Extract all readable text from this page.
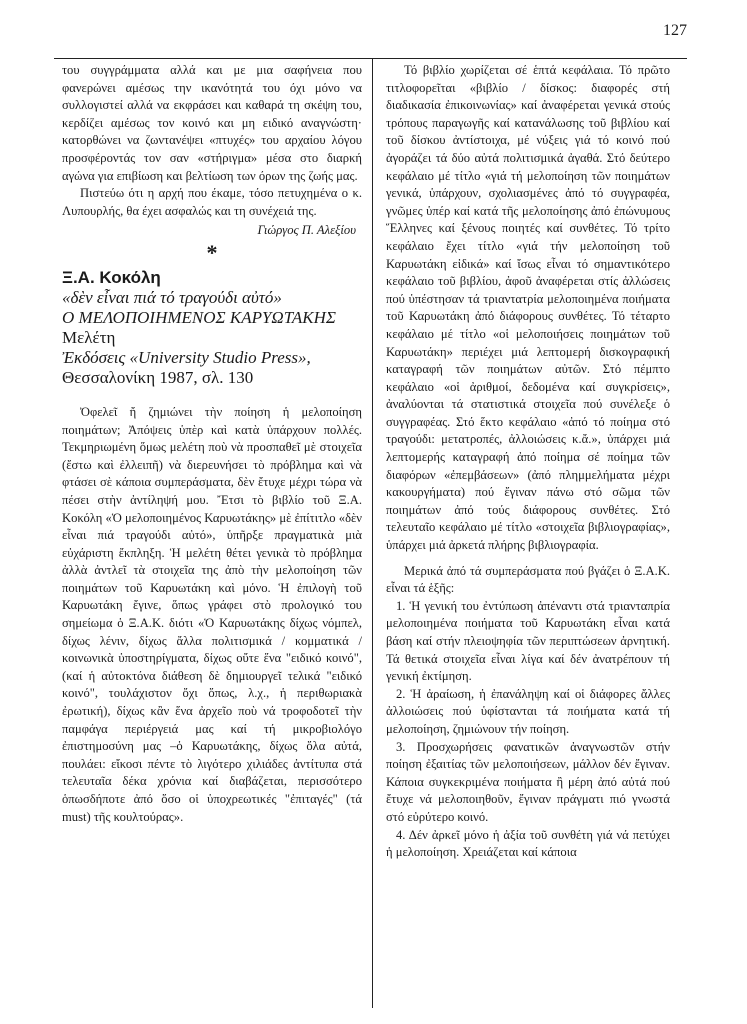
127

του συγγράμματα αλλά και με μια σαφήνεια που φανερώνει αμέσως την ικανότητά του όχι μόνο να συλλογιστεί αλλά να εκφράσει και καθαρά τη σκέψη του, κερδίζει αμέσως τον κοινό και μη ειδικό αναγνώστη· κατορθώνει να ζωντανέψει «πτυχές» του αρχαίου λόγου προσφέροντάς τον σαν «στήριγμα» μέσα στο διαρκή αγώνα για επιβίωση και βελτίωση των όρων της ζωής μας.

Πιστεύω ότι η αρχή που έκαμε, τόσο πετυχημένα ο κ. Λυπουρλής, θα έχει ασφαλώς και τη συνέχειά της.

Γιώργος Π. Αλεξίου
*
Ξ.Α. Κοκόλη
«δὲν εἶναι πιά τό τραγούδι αὐτό»
Ο ΜΕΛΟΠΟΙΗΜΕΝΟΣ ΚΑΡΥΩΤΑΚΗΣ
Μελέτη
Ἐκδόσεις «University Studio Press»,
Θεσσαλονίκη 1987, σλ. 130

Ὀφελεῖ ἤ ζημιώνει τὴν ποίηση ἡ μελοποίηση ποιημάτων; Ἀπόψεις ὑπὲρ καὶ κατὰ ὑπάρχουν πολλές. Τεκμηριωμένη ὅμως μελέτη ποὺ νὰ προσπαθεῖ μὲ στοιχεῖα (ἔστω καὶ ἐλλειπῆ) νὰ διερευνήσει τὸ πρόβλημα καὶ νὰ φτάσει σὲ κάποια συμπεράσματα, δὲν ἔτυχε μέχρι τώρα νὰ πέσει στὴν ἀντίληψή μου. Ἔτσι τὸ βιβλίο τοῦ Ξ.Α. Κοκόλη «Ὁ μελοποιημένος Καρυωτάκης» μὲ ἐπίτιτλο «δὲν εἶναι πιά τραγούδι αὐτό», ὑπῆρξε πραγματικὰ μιὰ εὐχάριστη ἔκπληξη. Ἡ μελέτη θέτει γενικὰ τὸ πρόβλημα ἀλλὰ ἀντλεῖ τὰ στοιχεῖα της ἀπὸ τὴν μελοποίηση τῶν ποιημάτων τοῦ Καρυωτάκη καὶ μόνο. Ἡ ἐπιλογὴ τοῦ Καρυωτάκη ἔγινε, ὅπως γράφει στὸ προλογικό του σημείωμα ὁ Ξ.Α.Κ. διότι «Ὁ Καρυωτάκης δίχως νόμπελ, δίχως λένιν, δίχως ἄλλα πολιτισμικά / κομματικά / κοινωνικὰ ὑποστηρίγματα, δίχως οὔτε ἕνα "ειδικό κοινό", (καί ἡ αὐτοκτόνα διάθεση δὲ δημιουργεῖ τελικά "ειδικό κοινό", τουλάχιστον ὄχι ὅπως, λ.χ., ἡ περιθωριακὰ ἐρωτική), δίχως κἂν ἕνα ἀρχεῖο ποὺ νά τροφοδοτεῖ τὴν παμφάγα περιέργειά μας καί τή μικροβιολόγο ἐπιστημοσύνη μας –ὁ Καρυωτάκης, δίχως ὅλα αὐτά, πουλάει: εἴκοσι πέντε τὸ λιγότερο χιλιάδες ἀντίτυπα στά τελευταῖα δέκα χρόνια καί διαβάζεται, περισσότερο ὁπωσδήποτε ἀπό ὅσο οἱ ὑποχρεωτικές "ἐπιταγές" (τά must) τῆς κουλτούρας».

Τό βιβλίο χωρίζεται σέ ἑπτά κεφάλαια. Τό πρῶτο τιτλοφορεῖται «βιβλίο / δίσκος: διαφορές στή διαδικασία ἐπικοινωνίας» καί ἀναφέρεται γενικά στούς τρόπους παραγωγῆς καί κατανάλωσης τοῦ βιβλίου καί τοῦ δίσκου ἀντίστοιχα, μέ νύξεις γιά τό κοινό πού ἀγοράζει τά δύο αὐτά πολιτισμικά ἀγαθά. Στό δεύτερο κεφάλαιο μέ τίτλο «γιά τή μελοποίηση τῶν ποιημάτων γενικά, ὑπάρχουν, σχολιασμένες ἀπό τό συγγραφέα, γνῶμες ὑπέρ καί κατά τῆς μελοποίησης ἀπό ἐπώνυμους Ἕλληνες καί ξένους ποιητές καί συνθέτες. Τό τρίτο κεφάλαιο ἔχει τίτλο «γιά τήν μελοποίηση τοῦ Καρυωτάκη εἰδικά» καί ἴσως εἶναι τό σημαντικότερο κεφάλαιο τοῦ βιβλίου, ἀφοῦ ἀναφέρεται στίς ἀλλώσεις πού ὑπέστησαν τά τριαντατρία μελοποιημένα ποιήματα τοῦ Καρυωτάκη ἀπό διάφορους συνθέτες. Τό τέταρτο κεφάλαιο μέ τίτλο «οἱ μελοποιήσεις ποιημάτων τοῦ Καρυωτάκη» περιέχει μιά λεπτομερή δισκογραφική καταγραφή τῶν ποιημάτων αὐτῶν. Στό πέμπτο κεφάλαιο «οἱ ἀριθμοί, δεδομένα καί συγκρίσεις», ἀναλύονται τά στατιστικά στοιχεῖα πού συνέλεξε ὁ συγγραφέας. Στό ἕκτο κεφάλαιο «ἀπό τό ποίημα στό τραγούδι: μετατροπές, ἀλλοιώσεις κ.ἄ.», ὑπάρχει μιά λεπτομερής καταγραφή ἀπό ποίημα σέ ποίημα τῶν διαφόρων «ἐπεμβάσεων» (ἀπό πλημμελήματα μέχρι κακουργήματα) πού ἔγιναν πάνω στό σῶμα τῶν ποιημάτων ἀπό τούς διάφορους συνθέτες. Στό τελευταῖο κεφάλαιο μέ τίτλο «στοιχεῖα βιβλιογραφίας», ὑπάρχει μιά ἀρκετά πλήρης βιβλιογραφία.

Μερικά ἀπό τά συμπεράσματα πού βγάζει ὁ Ξ.Α.Κ. εἶναι τά ἑξῆς:

1. Ἡ γενική του ἐντύπωση ἀπέναντι στά τριανταπρία μελοποιημένα ποιήματα τοῦ Καρυωτάκη εἶναι κατά βάση καί στήν πλειοψηφία τῶν περιπτώσεων ἀρνητική. Τά θετικά στοιχεῖα εἶναι λίγα καί δέν ἀνατρέπουν τή γενική ἐκτίμηση.

2. Ἡ ἀραίωση, ἡ ἐπανάληψη καί οἱ διάφορες ἄλλες ἀλλοιώσεις πού ὑφίστανται τά ποιήματα κατά τή μελοποίηση, ζημιώνουν τήν ποίηση.

3. Προσχωρήσεις φανατικῶν ἀναγνωστῶν στήν ποίηση ἐξαιτίας τῶν μελοποιήσεων, μάλλον δέν ἔγιναν. Κάποια συγκεκριμένα ποιήματα ἢ μέρη ἀπό αὐτά πού ἔτυχε νά μελοποιηθοῦν, ἔγιναν πράγματι πιό γνωστά στό εὐρύτερο κοινό.

4. Δέν ἀρκεῖ μόνο ἡ ἀξία τοῦ συνθέτη γιά νά πετύχει ἡ μελοποίηση. Χρειάζεται καί κάποια
